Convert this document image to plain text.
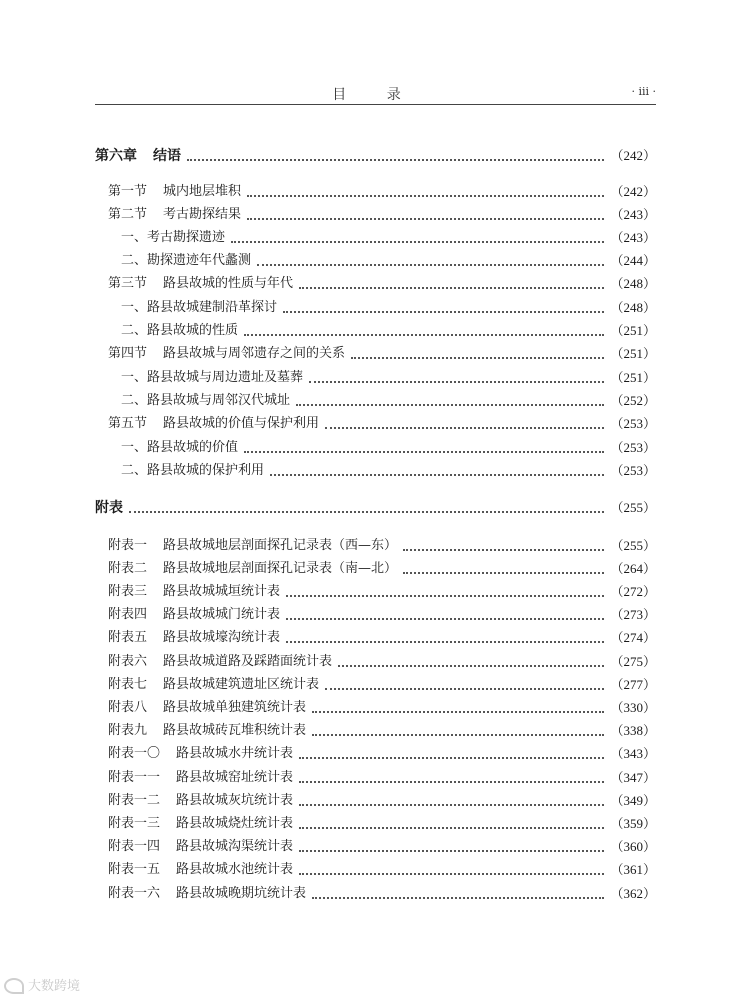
目 录	· iii ·
第六章 结语	（242）
第一节 城内地层堆积	（242）
第二节 考古勘探结果	（243）
一、考古勘探遗迹	（243）
二、勘探遗迹年代蠡测	（244）
第三节 路县故城的性质与年代	（248）
一、路县故城建制沿革探讨	（248）
二、路县故城的性质	（251）
第四节 路县故城与周邻遗存之间的关系	（251）
一、路县故城与周边遗址及墓葬	（251）
二、路县故城与周邻汉代城址	（252）
第五节 路县故城的价值与保护利用	（253）
一、路县故城的价值	（253）
二、路县故城的保护利用	（253）
附表	（255）
附表一 路县故城地层剖面探孔记录表（西—东）	（255）
附表二 路县故城地层剖面探孔记录表（南—北）	（264）
附表三 路县故城城垣统计表	（272）
附表四 路县故城城门统计表	（273）
附表五 路县故城壕沟统计表	（274）
附表六 路县故城道路及踩踏面统计表	（275）
附表七 路县故城建筑遗址区统计表	（277）
附表八 路县故城单独建筑统计表	（330）
附表九 路县故城砖瓦堆积统计表	（338）
附表一〇 路县故城水井统计表	（343）
附表一一 路县故城窑址统计表	（347）
附表一二 路县故城灰坑统计表	（349）
附表一三 路县故城烧灶统计表	（359）
附表一四 路县故城沟渠统计表	（360）
附表一五 路县故城水池统计表	（361）
附表一六 路县故城晚期坑统计表	（362）
大数跨境
